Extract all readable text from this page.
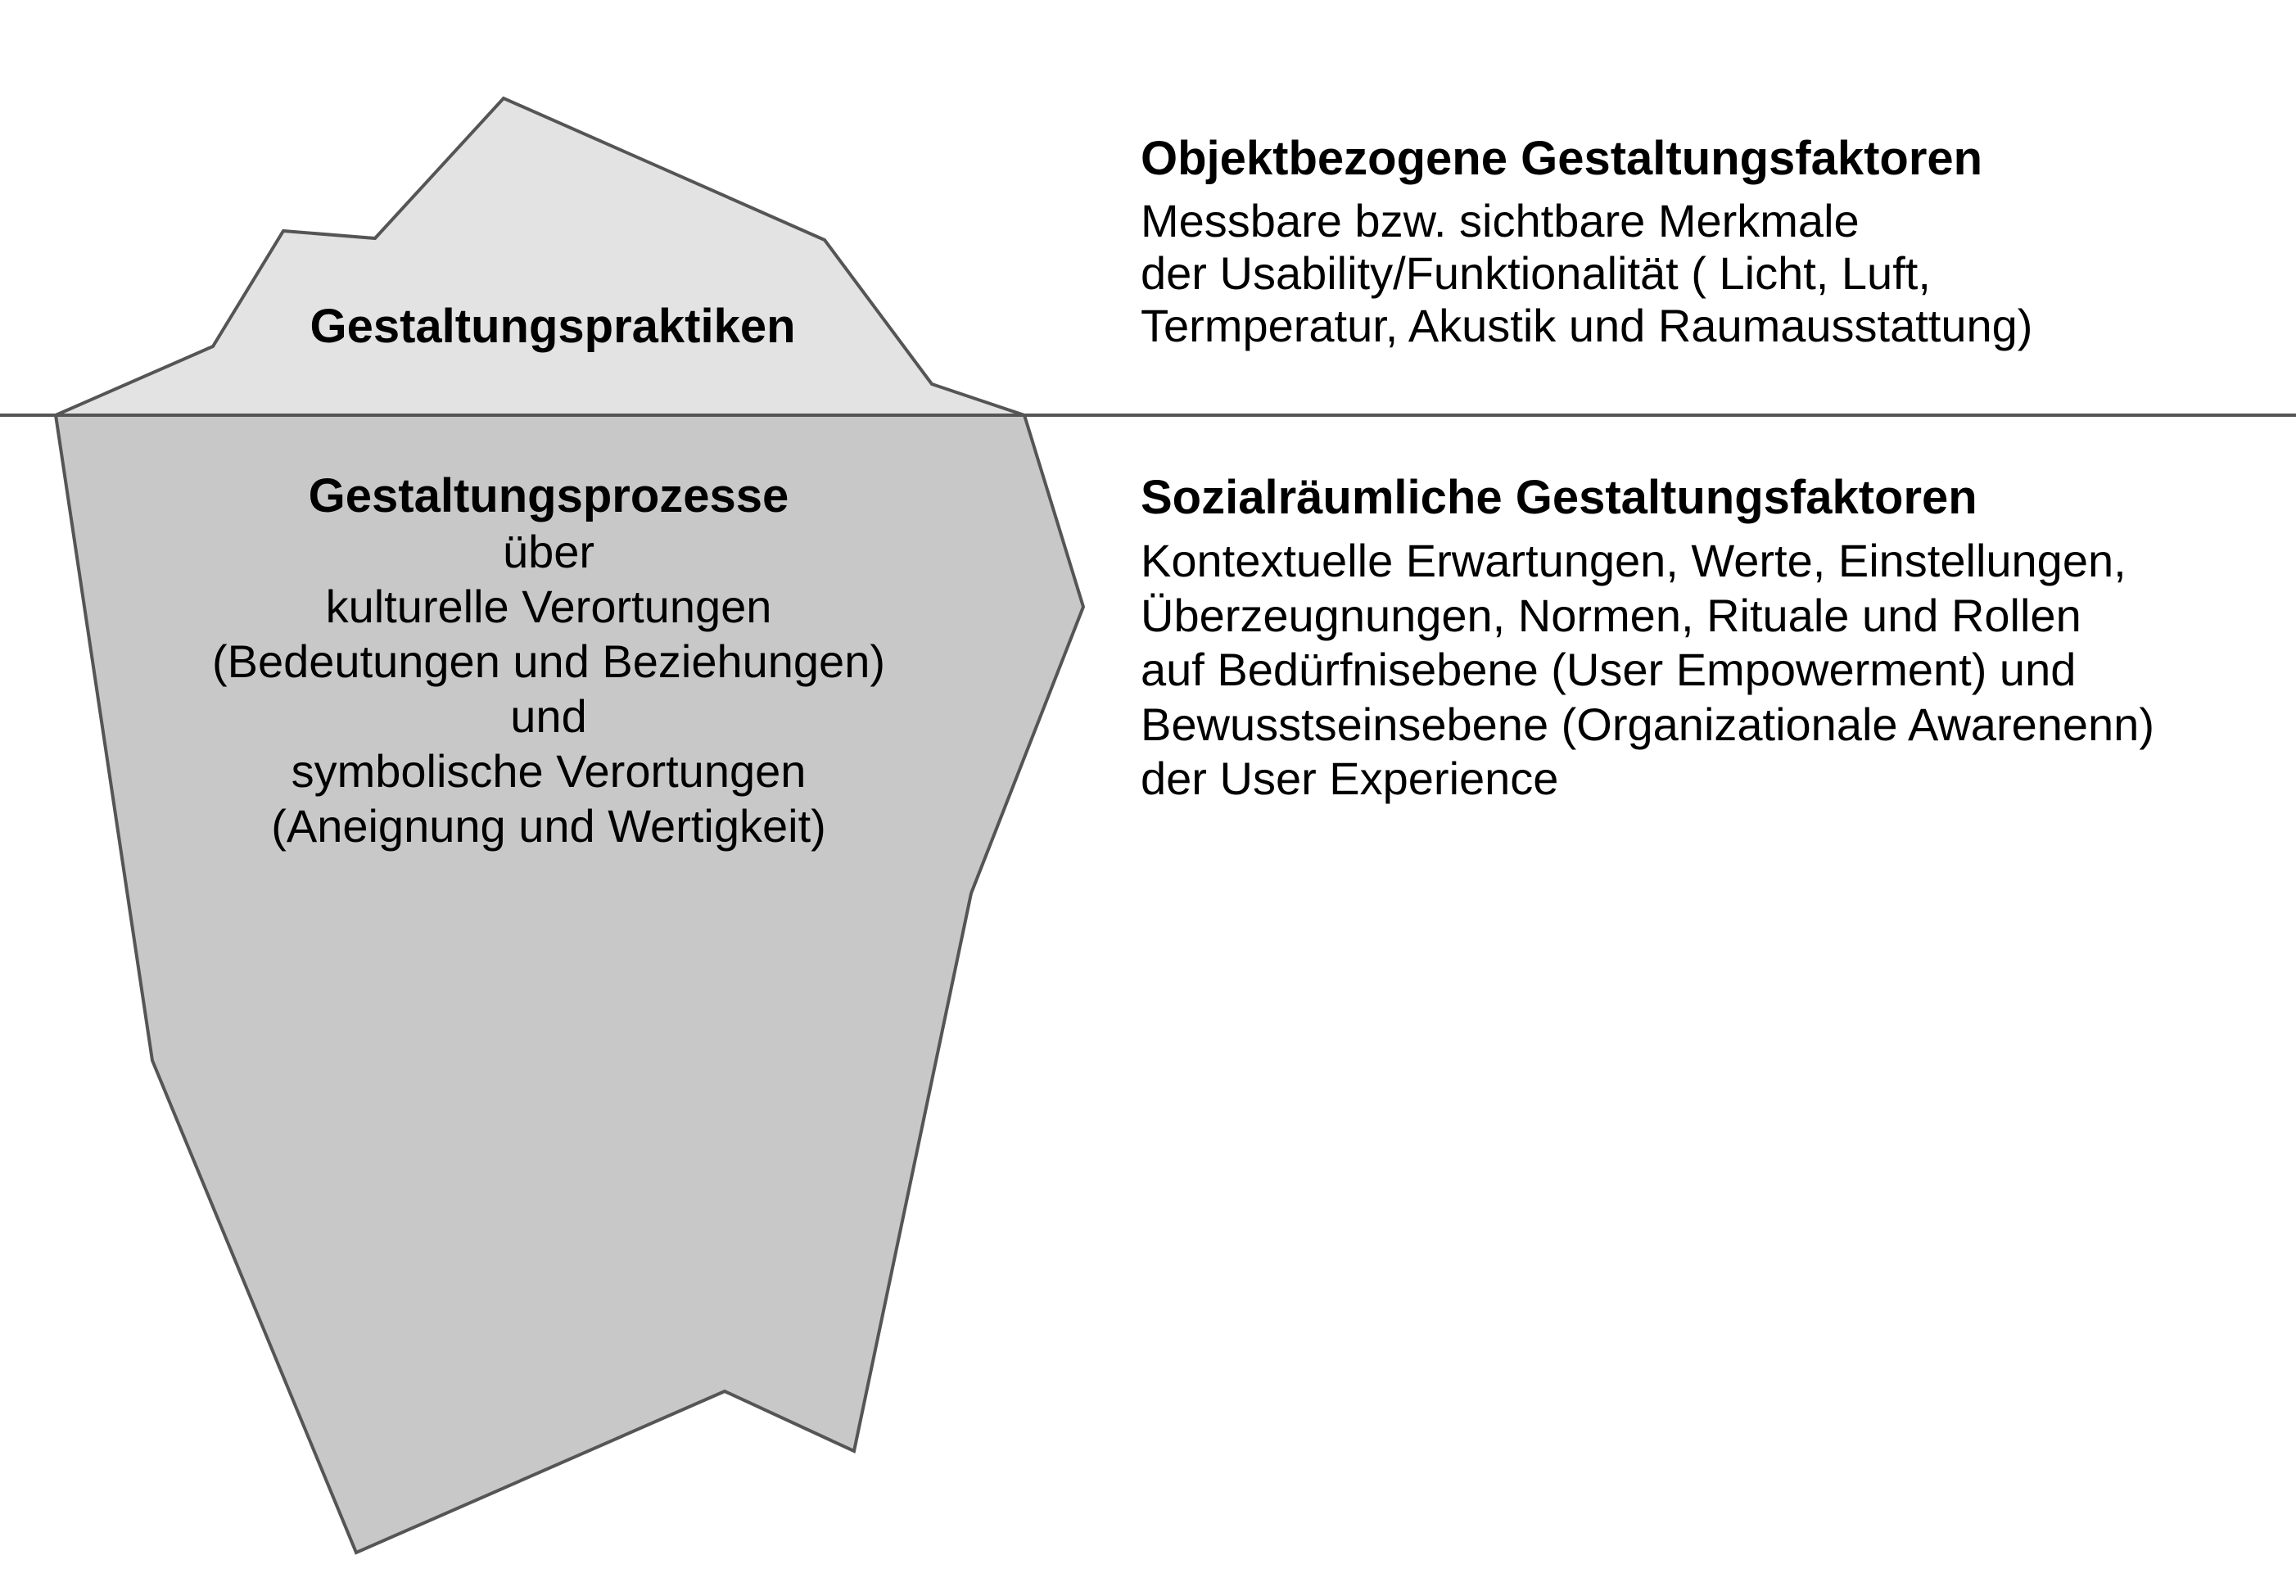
Gestaltungspraktiken
Gestaltungsprozesse
über
kulturelle Verortungen
(Bedeutungen und Beziehungen)
und
symbolische Verortungen
(Aneignung und Wertigkeit)
Objektbezogene Gestaltungsfaktoren
Messbare bzw. sichtbare Merkmale
der Usability/Funktionalität ( Licht, Luft,
Termperatur, Akustik und Raumausstattung)
Sozialräumliche Gestaltungsfaktoren
Kontextuelle Erwartungen, Werte, Einstellungen,
Überzeugnungen, Normen, Rituale und Rollen
auf Bedürfnisebene (User Empowerment) und
Bewusstseinsebene (Organizationale Awarenenn)
der User Experience
